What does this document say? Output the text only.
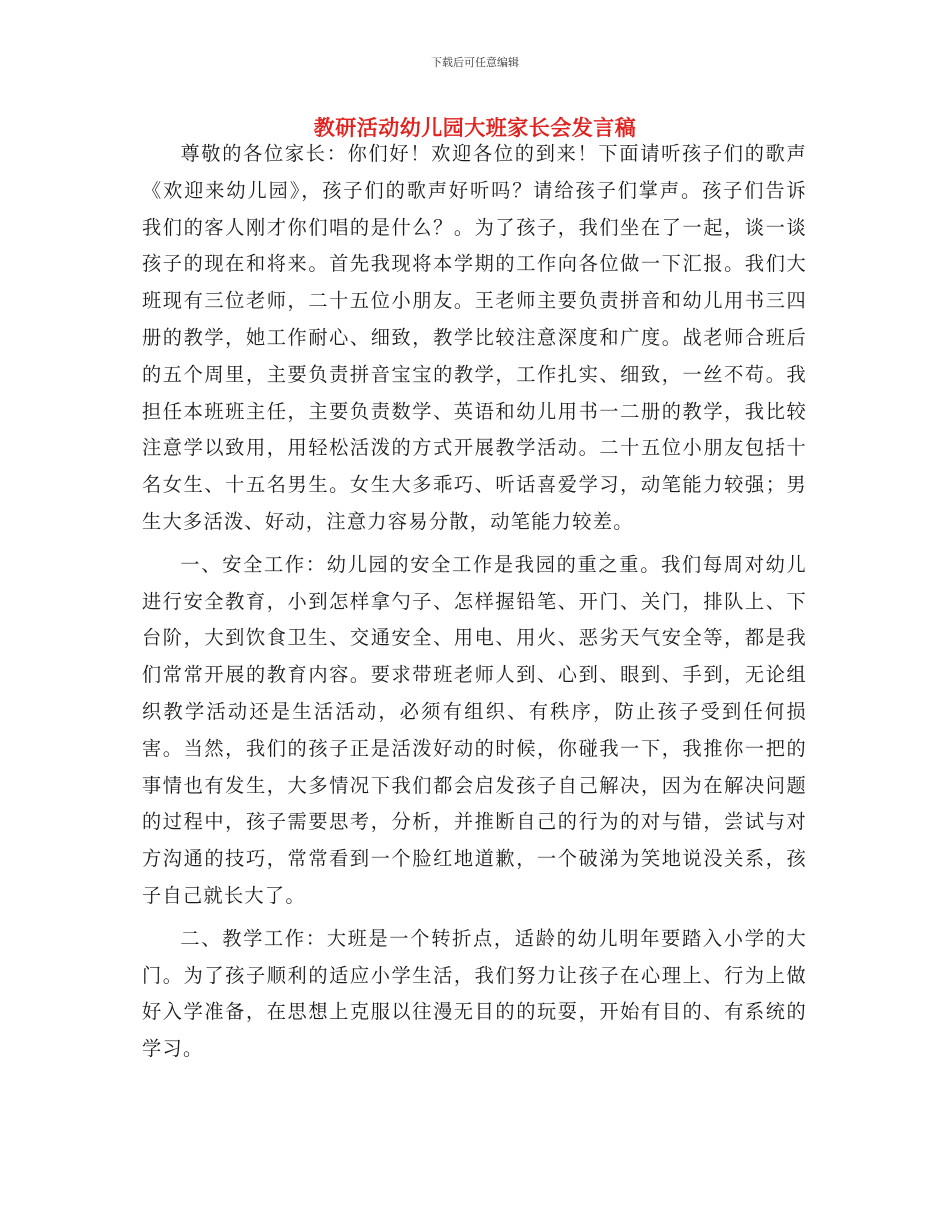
下载后可任意编辑
教研活动幼儿园大班家长会发言稿

尊敬的各位家长：你们好！欢迎各位的到来！下面请听孩子们的歌声《欢迎来幼儿园》，孩子们的歌声好听吗？请给孩子们掌声。孩子们告诉我们的客人刚才你们唱的是什么？。为了孩子，我们坐在了一起，谈一谈孩子的现在和将来。首先我现将本学期的工作向各位做一下汇报。我们大班现有三位老师，二十五位小朋友。王老师主要负责拼音和幼儿用书三四册的教学，她工作耐心、细致，教学比较注意深度和广度。战老师合班后的五个周里，主要负责拼音宝宝的教学，工作扎实、细致，一丝不苟。我担任本班班主任，主要负责数学、英语和幼儿用书一二册的教学，我比较注意学以致用，用轻松活泼的方式开展教学活动。二十五位小朋友包括十名女生、十五名男生。女生大多乖巧、听话喜爱学习，动笔能力较强；男生大多活泼、好动，注意力容易分散，动笔能力较差。

一、安全工作：幼儿园的安全工作是我园的重之重。我们每周对幼儿进行安全教育，小到怎样拿勺子、怎样握铅笔、开门、关门，排队上、下台阶，大到饮食卫生、交通安全、用电、用火、恶劣天气安全等，都是我们常常开展的教育内容。要求带班老师人到、心到、眼到、手到，无论组织教学活动还是生活活动，必须有组织、有秩序，防止孩子受到任何损害。当然，我们的孩子正是活泼好动的时候，你碰我一下，我推你一把的事情也有发生，大多情况下我们都会启发孩子自己解决，因为在解决问题的过程中，孩子需要思考，分析，并推断自己的行为的对与错，尝试与对方沟通的技巧，常常看到一个脸红地道歉，一个破涕为笑地说没关系，孩子自己就长大了。

二、教学工作：大班是一个转折点，适龄的幼儿明年要踏入小学的大门。为了孩子顺利的适应小学生活，我们努力让孩子在心理上、行为上做好入学准备，在思想上克服以往漫无目的的玩耍，开始有目的、有系统的学习。
